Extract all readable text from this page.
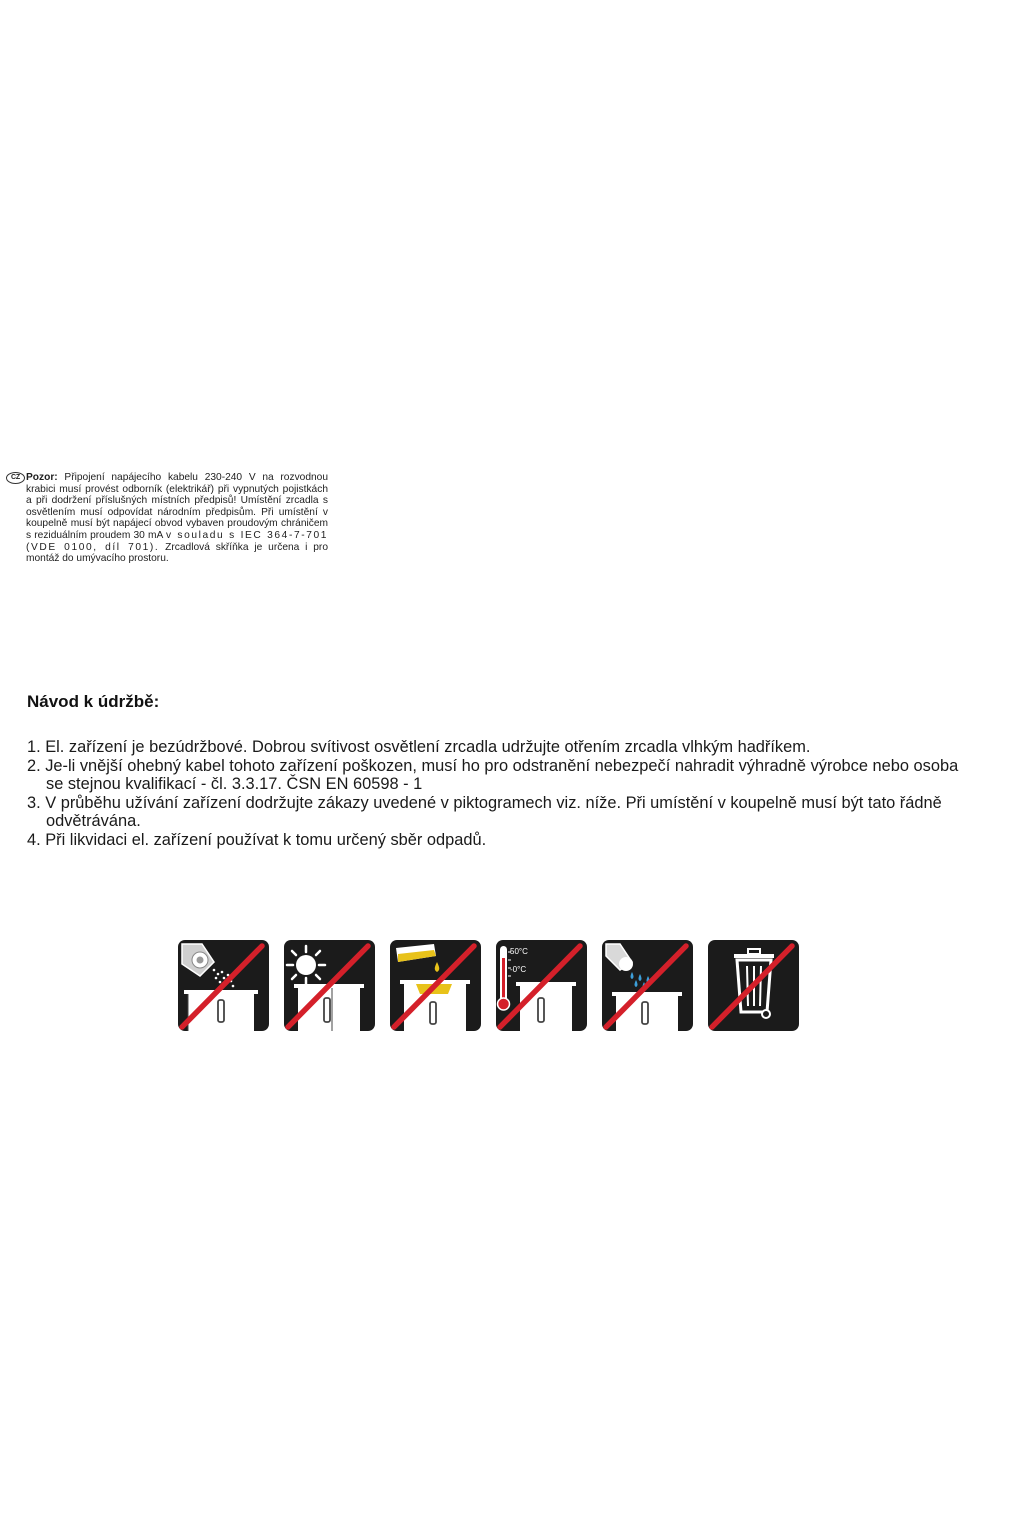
CZ Pozor: Připojení napájecího kabelu 230-240 V na rozvodnou krabici musí provést odborník (elektrikář) při vypnutých pojistkách a při dodržení příslušných místních předpisů! Umístění zrcadla s osvětlením musí odpovídat národním předpisům. Při umístění v koupelně musí být napájecí obvod vybaven proudovým chráničem s reziduálním proudem 30 mA v souladu s IEC 364-7-701 (VDE 0100, díl 701). Zrcadlová skříňka je určena i pro montáž do umývacího prostoru.
Návod k údržbě:
1. El. zařízení je bezúdržbové. Dobrou svítivost osvětlení zrcadla udržujte otřením zrcadla vlhkým hadříkem.
2. Je-li vnější ohebný kabel tohoto zařízení poškozen, musí ho pro odstranění nebezpečí nahradit výhradně výrobce nebo osoba se stejnou kvalifikací - čl. 3.3.17. ČSN EN 60598 - 1
3. V průběhu užívání zařízení dodržujte zákazy uvedené v piktogramech viz. níže. Při umístění v koupelně musí být tato řádně odvětrávána.
4. Při likvidaci el. zařízení používat k tomu určený sběr odpadů.
50°C
-0°C
